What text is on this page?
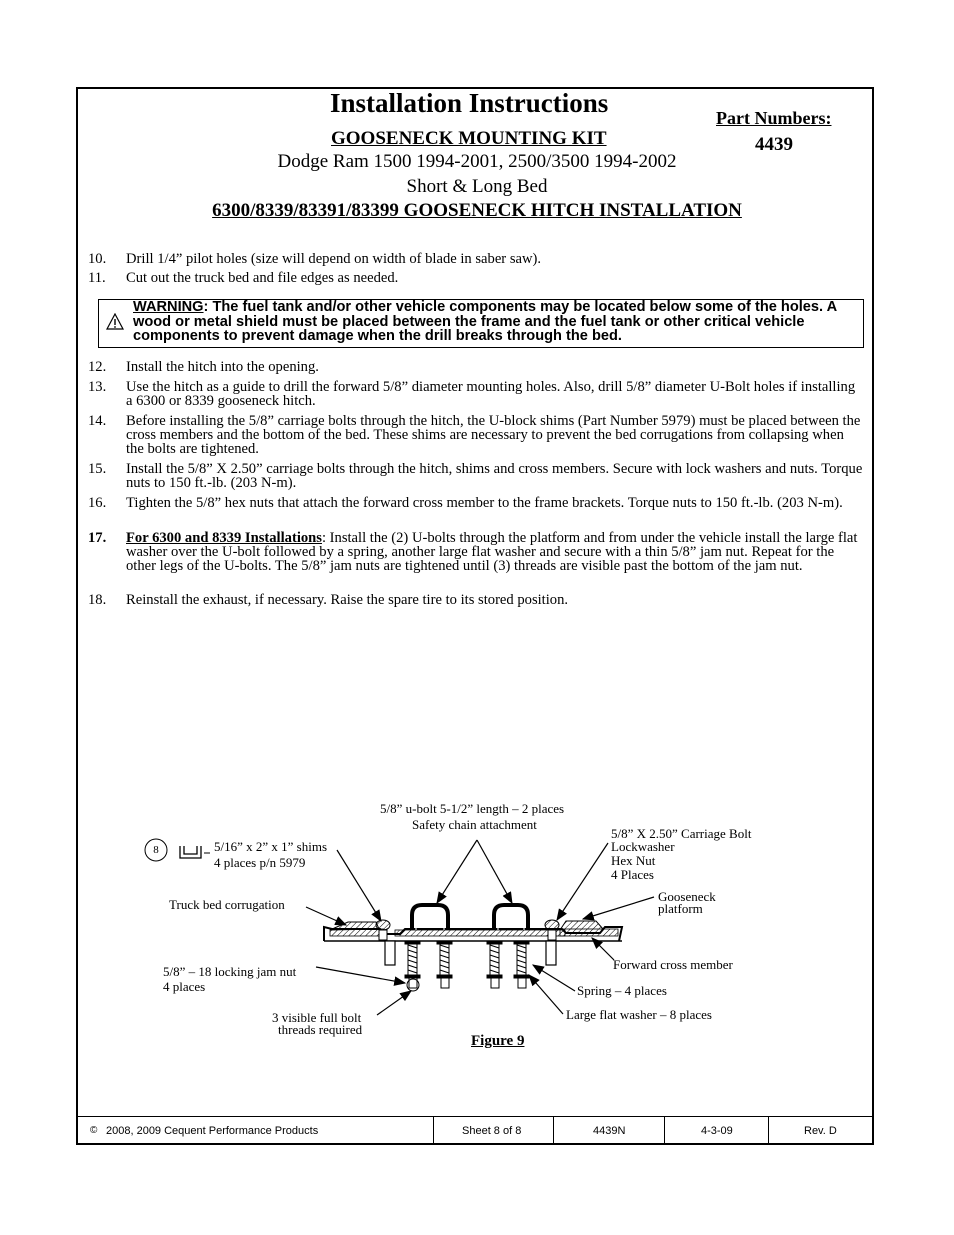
Installation Instructions
GOOSENECK MOUNTING KIT
Dodge Ram 1500 1994-2001, 2500/3500 1994-2002
Short & Long Bed
6300/8339/83391/83399 GOOSENECK HITCH INSTALLATION
Part Numbers:
4439
10. Drill 1/4” pilot holes (size will depend on width of blade in saber saw).
11. Cut out the truck bed and file edges as needed.
WARNING: The fuel tank and/or other vehicle components may be located below some of the holes. A wood or metal shield must be placed between the frame and the fuel tank or other critical vehicle components to prevent damage when the drill breaks through the bed.
12. Install the hitch into the opening.
13. Use the hitch as a guide to drill the forward 5/8” diameter mounting holes. Also, drill 5/8” diameter U-Bolt holes if installing a 6300 or 8339 gooseneck hitch.
14. Before installing the 5/8” carriage bolts through the hitch, the U-block shims (Part Number 5979) must be placed between the cross members and the bottom of the bed. These shims are necessary to prevent the bed corrugations from collapsing when the bolts are tightened.
15. Install the 5/8” X 2.50” carriage bolts through the hitch, shims and cross members. Secure with lock washers and nuts. Torque nuts to 150 ft.-lb. (203 N-m).
16. Tighten the 5/8” hex nuts that attach the forward cross member to the frame brackets. Torque nuts to 150 ft.-lb. (203 N-m).
17. For 6300 and 8339 Installations: Install the (2) U-bolts through the platform and from under the vehicle install the large flat washer over the U-bolt followed by a spring, another large flat washer and secure with a thin 5/8” jam nut. Repeat for the other legs of the U-bolts. The 5/8” jam nuts are tightened until (3) threads are visible past the bottom of the jam nut.
18. Reinstall the exhaust, if necessary. Raise the spare tire to its stored position.
8	5/16” x 2” x 1” shims
4 places p/n 5979
5/8” u-bolt 5-1/2” length – 2 places
Safety chain attachment
5/8” X 2.50” Carriage Bolt
Lockwasher
Hex Nut
4 Places
Truck bed corrugation
Gooseneck
platform
Forward cross member
5/8” – 18 locking jam nut
4 places	Spring – 4 places
3 visible full bolt
threads required
Large flat washer – 8 places
Figure 9
© 2008, 2009 Cequent Performance Products	Sheet 8 of 8	4439N	4-3-09	Rev. D
